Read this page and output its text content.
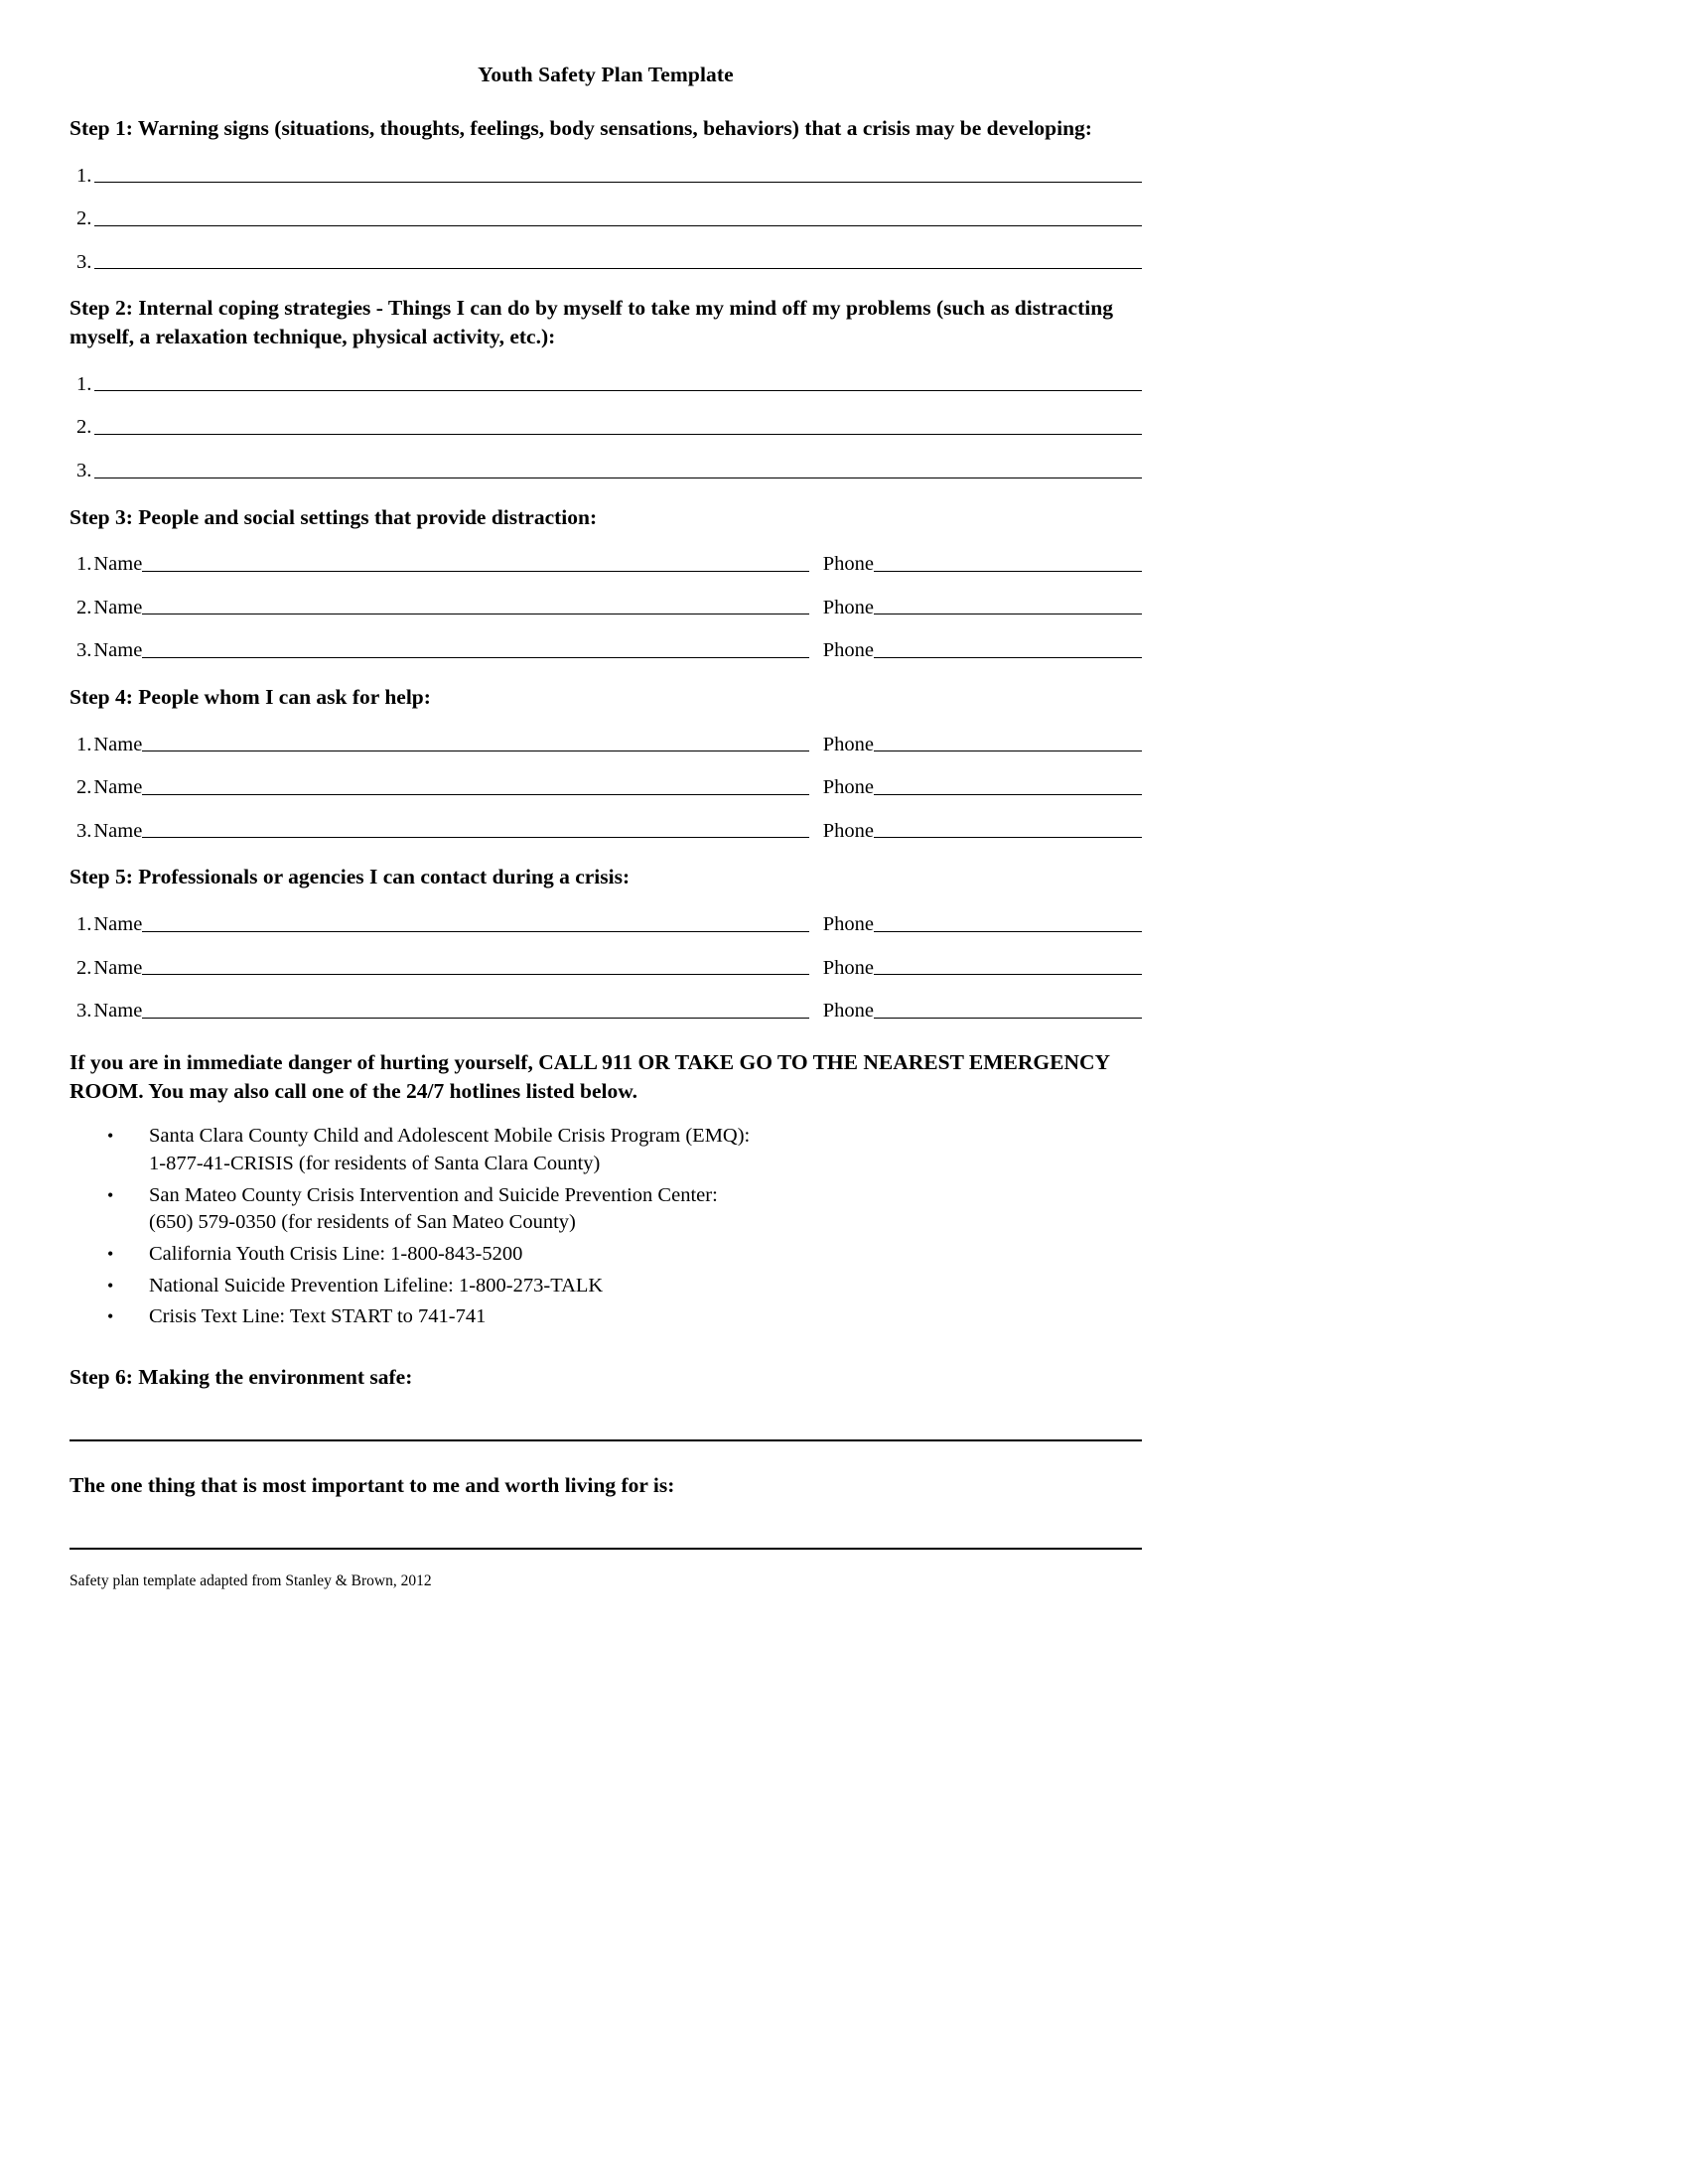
Youth Safety Plan Template
Step 1: Warning signs (situations, thoughts, feelings, body sensations, behaviors) that a crisis may be developing:
1.
2.
3.
Step 2: Internal coping strategies - Things I can do by myself to take my mind off my problems (such as distracting myself, a relaxation technique, physical activity, etc.):
1.
2.
3.
Step 3: People and social settings that provide distraction:
1. Name	Phone
2. Name	Phone
3. Name	Phone
Step 4: People whom I can ask for help:
1. Name	Phone
2. Name	Phone
3. Name	Phone
Step 5: Professionals or agencies I can contact during a crisis:
1. Name	Phone
2. Name	Phone
3. Name	Phone
If you are in immediate danger of hurting yourself, CALL 911 OR TAKE GO TO THE NEAREST EMERGENCY ROOM. You may also call one of the 24/7 hotlines listed below.
• Santa Clara County Child and Adolescent Mobile Crisis Program (EMQ):
1-877-41-CRISIS (for residents of Santa Clara County)
• San Mateo County Crisis Intervention and Suicide Prevention Center:
(650) 579-0350 (for residents of San Mateo County)
• California Youth Crisis Line: 1-800-843-5200
• National Suicide Prevention Lifeline: 1-800-273-TALK
• Crisis Text Line: Text START to 741-741
Step 6: Making the environment safe:
The one thing that is most important to me and worth living for is:
Safety plan template adapted from Stanley & Brown, 2012
